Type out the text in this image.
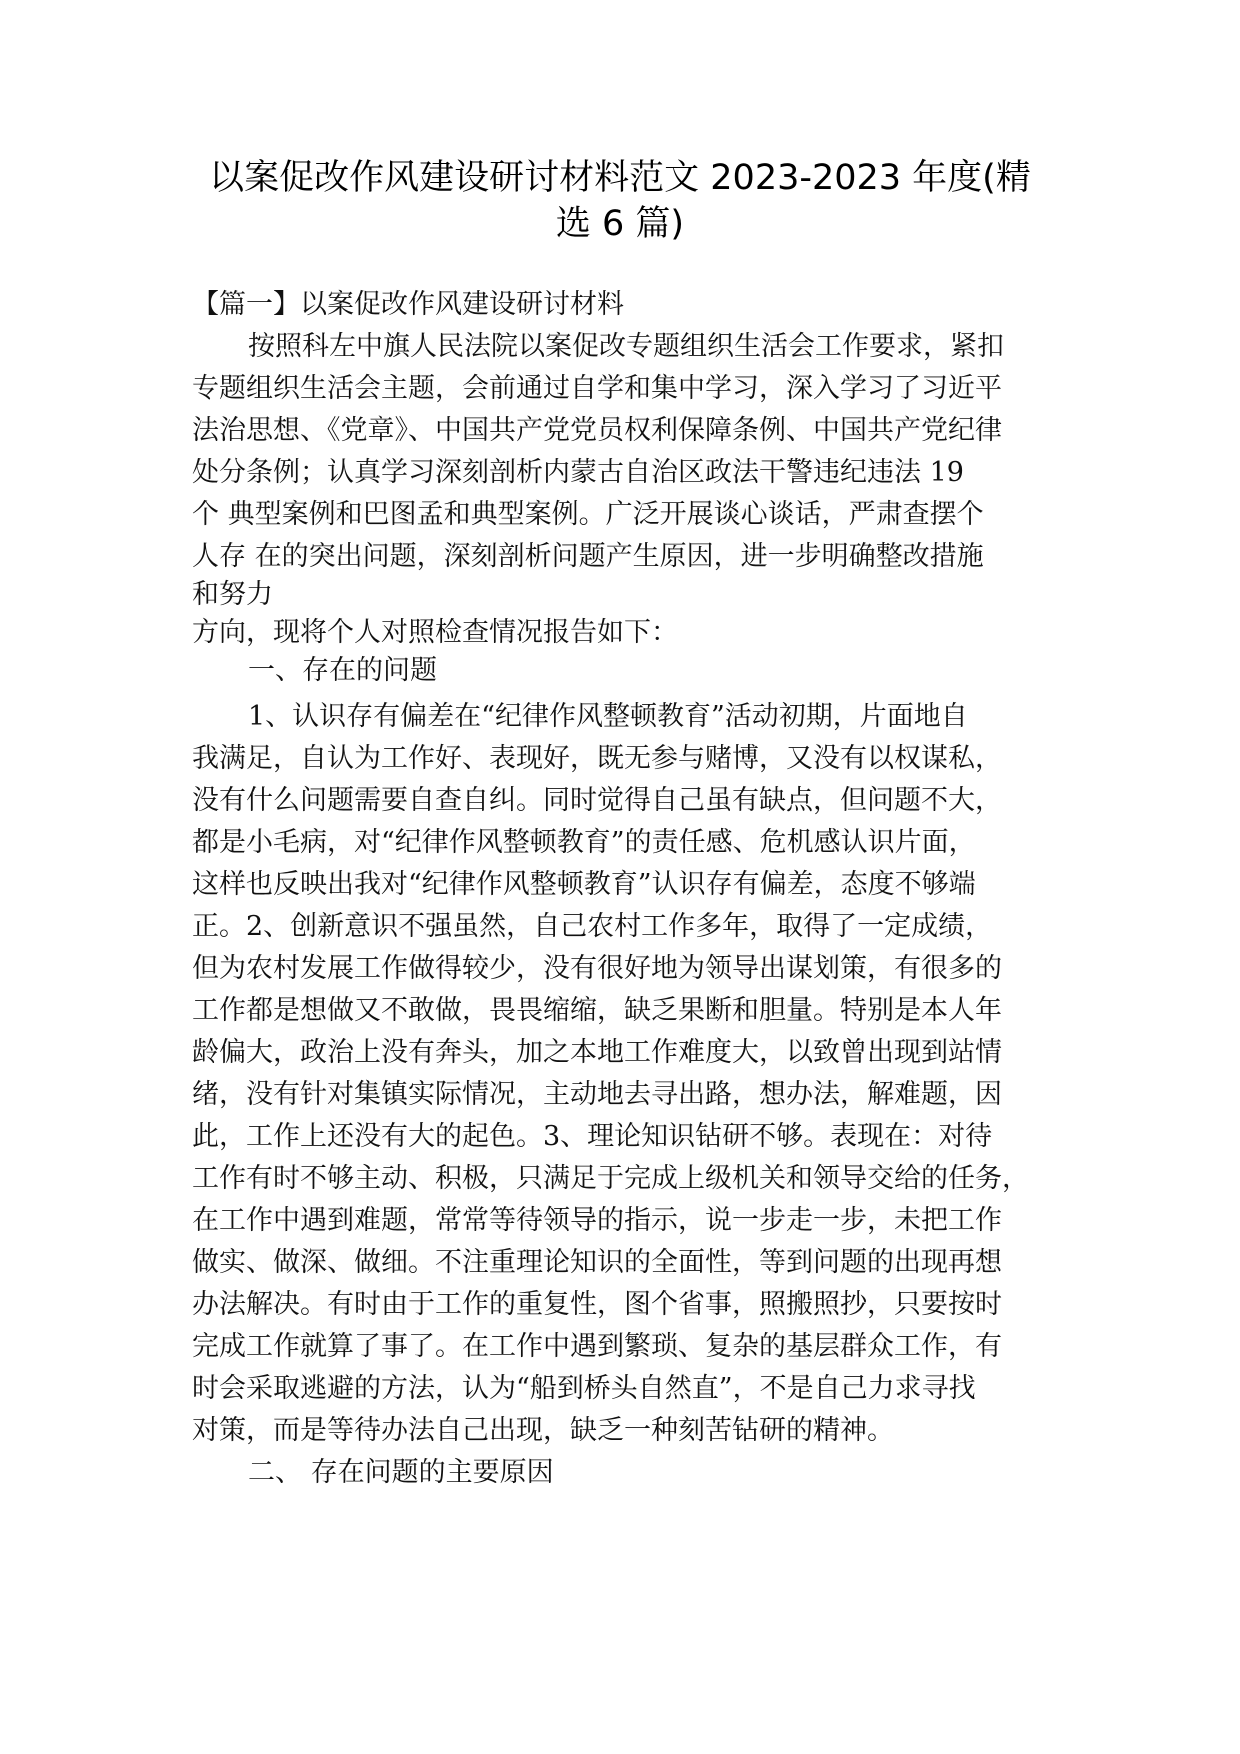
以案促改作风建设研讨材料范文 2023-2023 年度(精
选 6 篇)

【篇一】以案促改作风建设研讨材料

按照科左中旗人民法院以案促改专题组织生活会工作要求，紧扣

专题组织生活会主题，会前通过自学和集中学习，深入学习了习近平

法治思想、《党章》、中国共产党党员权利保障条例、中国共产党纪律

处分条例；认真学习深刻剖析内蒙古自治区政法干警违纪违法 19

个 典型案例和巴图孟和典型案例。广泛开展谈心谈话，严肃查摆个

人存 在的突出问题，深刻剖析问题产生原因，进一步明确整改措施

和努力

方向，现将个人对照检查情况报告如下：

一、存在的问题

1、认识存有偏差在“纪律作风整顿教育”活动初期，片面地自

我满足，自认为工作好、表现好，既无参与赌博，又没有以权谋私，

没有什么问题需要自查自纠。同时觉得自己虽有缺点，但问题不大，

都是小毛病，对“纪律作风整顿教育”的责任感、危机感认识片面，

这样也反映出我对“纪律作风整顿教育”认识存有偏差，态度不够端

正。2、创新意识不强虽然，自己农村工作多年，取得了一定成绩，

但为农村发展工作做得较少，没有很好地为领导出谋划策，有很多的

工作都是想做又不敢做，畏畏缩缩，缺乏果断和胆量。特别是本人年

龄偏大，政治上没有奔头，加之本地工作难度大，以致曾出现到站情

绪，没有针对集镇实际情况，主动地去寻出路，想办法，解难题，因

此，工作上还没有大的起色。3、理论知识钻研不够。表现在：对待

工作有时不够主动、积极，只满足于完成上级机关和领导交给的任务，

在工作中遇到难题，常常等待领导的指示，说一步走一步，未把工作

做实、做深、做细。不注重理论知识的全面性，等到问题的出现再想

办法解决。有时由于工作的重复性，图个省事，照搬照抄，只要按时

完成工作就算了事了。在工作中遇到繁琐、复杂的基层群众工作，有

时会采取逃避的方法，认为“船到桥头自然直”，不是自己力求寻找

对策，而是等待办法自己出现，缺乏一种刻苦钻研的精神。

二、 存在问题的主要原因
